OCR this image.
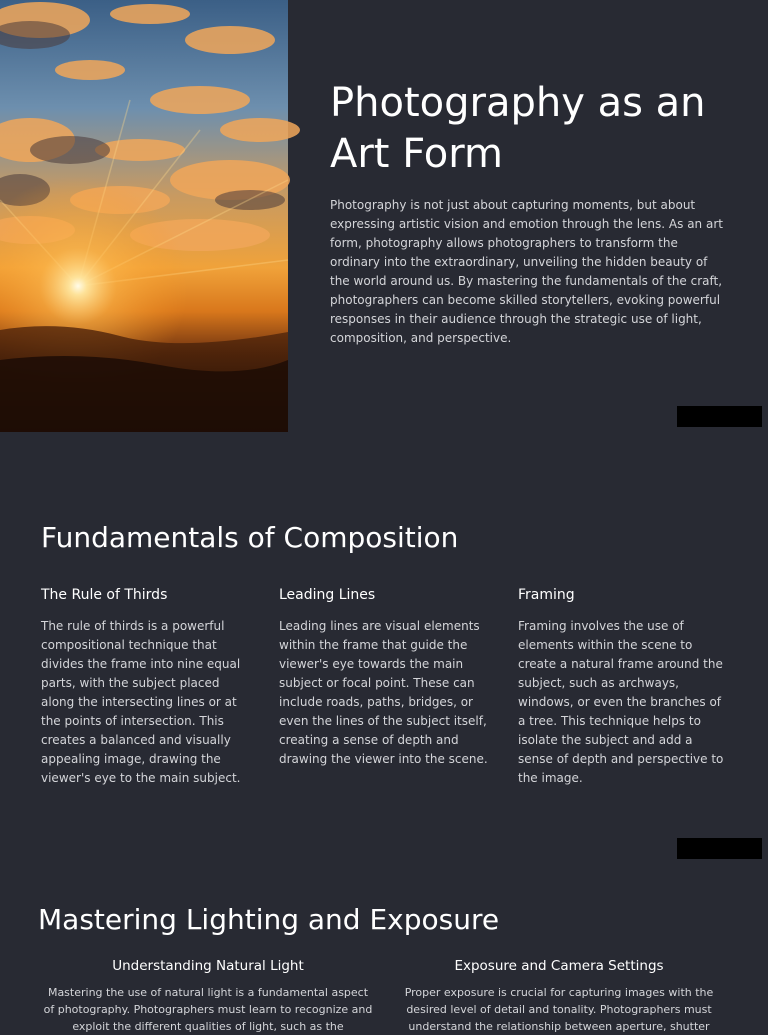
Photography as an Art Form

Photography is not just about capturing moments, but about expressing artistic vision and emotion through the lens. As an art form, photography allows photographers to transform the ordinary into the extraordinary, unveiling the hidden beauty of the world around us. By mastering the fundamentals of the craft, photographers can become skilled storytellers, evoking powerful responses in their audience through the strategic use of light, composition, and perspective.

Fundamentals of Composition
The Rule of Thirds

The rule of thirds is a powerful compositional technique that divides the frame into nine equal parts, with the subject placed along the intersecting lines or at the points of intersection. This creates a balanced and visually appealing image, drawing the viewer's eye to the main subject.

Leading Lines

Leading lines are visual elements within the frame that guide the viewer's eye towards the main subject or focal point. These can include roads, paths, bridges, or even the lines of the subject itself, creating a sense of depth and drawing the viewer into the scene.

Framing

Framing involves the use of elements within the scene to create a natural frame around the subject, such as archways, windows, or even the branches of a tree. This technique helps to isolate the subject and add a sense of depth and perspective to the image.

Mastering Lighting and Exposure
Understanding Natural Light

Mastering the use of natural light is a fundamental aspect of photography. Photographers must learn to recognize and exploit the different qualities of light, such as the

Exposure and Camera Settings

Proper exposure is crucial for capturing images with the desired level of detail and tonality. Photographers must understand the relationship between aperture, shutter
